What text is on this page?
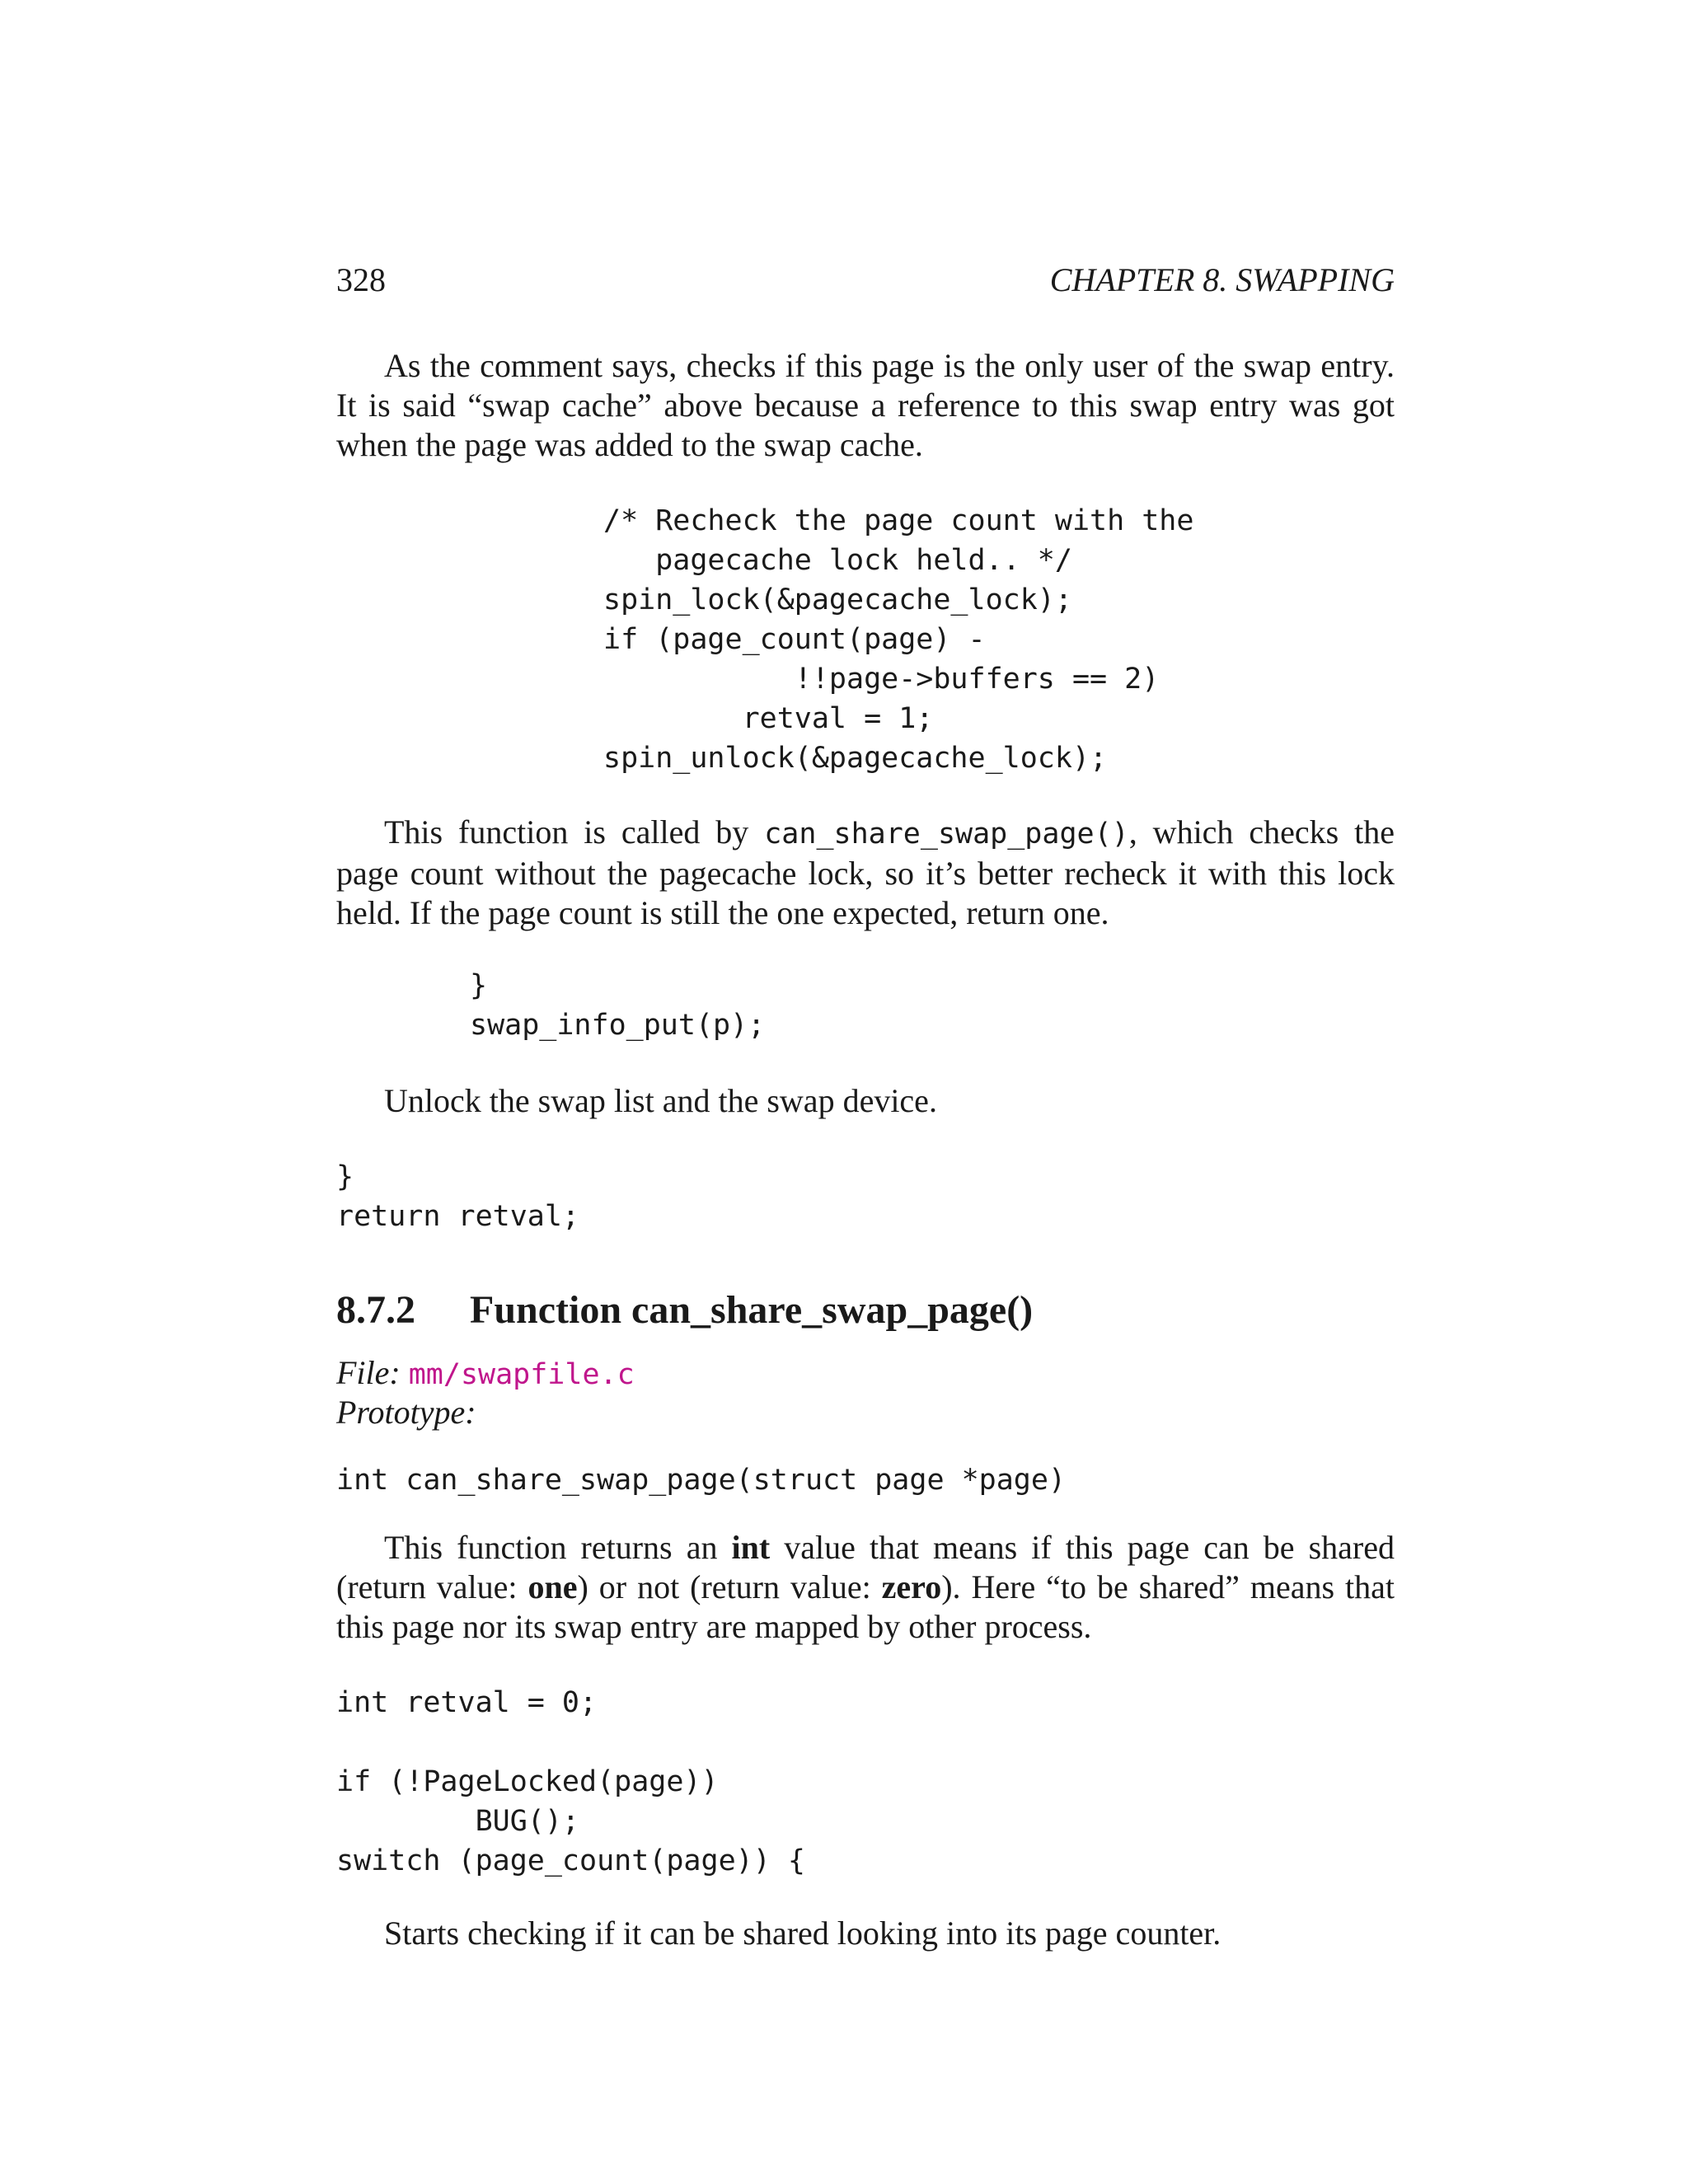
328	CHAPTER 8. SWAPPING
As the comment says, checks if this page is the only user of the swap entry. It is said “swap cache” above because a reference to this swap entry was got when the page was added to the swap cache.
/* Recheck the page count with the
pagecache lock held.. */
spin_lock(&pagecache_lock);
if (page_count(page) -
!!page->buffers == 2)
retval = 1;
spin_unlock(&pagecache_lock);
This function is called by can_share_swap_page(), which checks the page count without the pagecache lock, so it’s better recheck it with this lock held. If the page count is still the one expected, return one.
}
swap_info_put(p);
Unlock the swap list and the swap device.
}
return retval;
8.7.2 Function can_share_swap_page()
File: mm/swapfile.c
Prototype:
int can_share_swap_page(struct page *page)
This function returns an int value that means if this page can be shared (return value: one) or not (return value: zero). Here “to be shared” means that this page nor its swap entry are mapped by other process.
int retval = 0;

if (!PageLocked(page))
BUG();
switch (page_count(page)) {
Starts checking if it can be shared looking into its page counter.
